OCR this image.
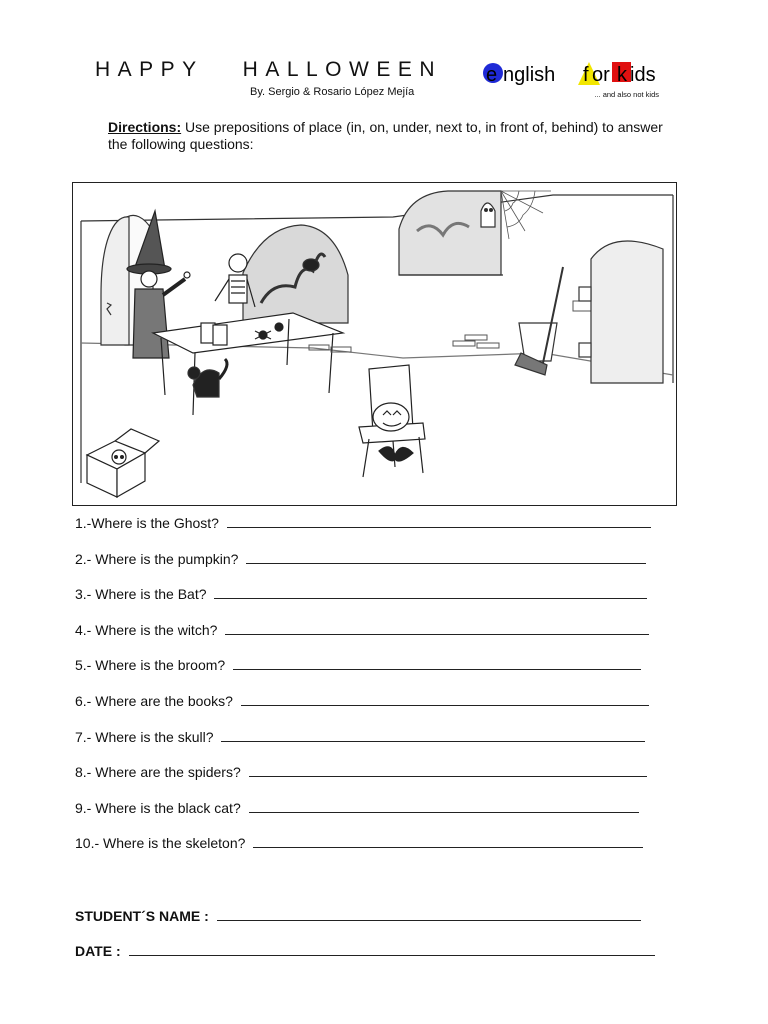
HAPPY HALLOWEEN
By. Sergio & Rosario López Mejía
e nglish f or k ids
... and also not kids
Directions: Use prepositions of place (in, on, under, next to, in front of, behind) to answer the following questions:
1.-Where is the Ghost?
2.- Where is the pumpkin?
3.- Where is the Bat?
4.- Where is the witch?
5.- Where is the broom?
6.- Where are the books?
7.- Where is the skull?
8.- Where are the spiders?
9.- Where is the black cat?
10.- Where is the skeleton?
STUDENT´S NAME :
DATE :
